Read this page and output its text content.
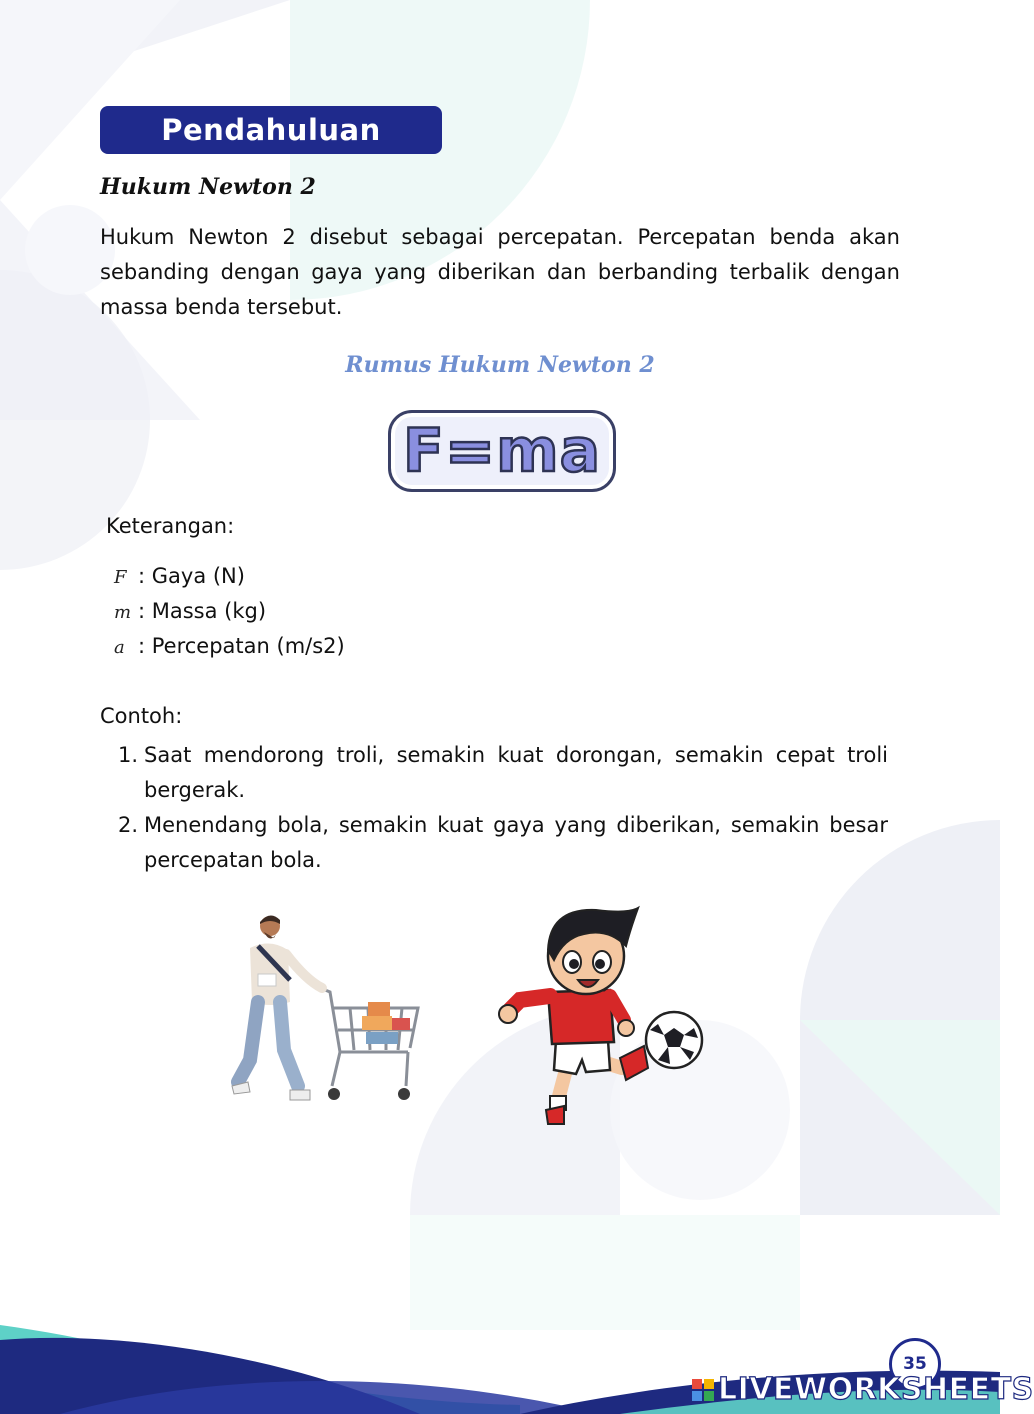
Pendahuluan
Hukum Newton 2
Hukum Newton 2 disebut sebagai percepatan. Percepatan benda akan sebanding dengan gaya yang diberikan dan berbanding terbalik dengan massa benda tersebut.
Rumus Hukum Newton 2
F=ma
Keterangan:
F : Gaya (N)
m : Massa (kg)
a : Percepatan (m/s2)
Contoh:
1. Saat mendorong troli, semakin kuat dorongan, semakin cepat troli bergerak.
2. Menendang bola, semakin kuat gaya yang diberikan, semakin besar percepatan bola.
35
LIVEWORKSHEETS
